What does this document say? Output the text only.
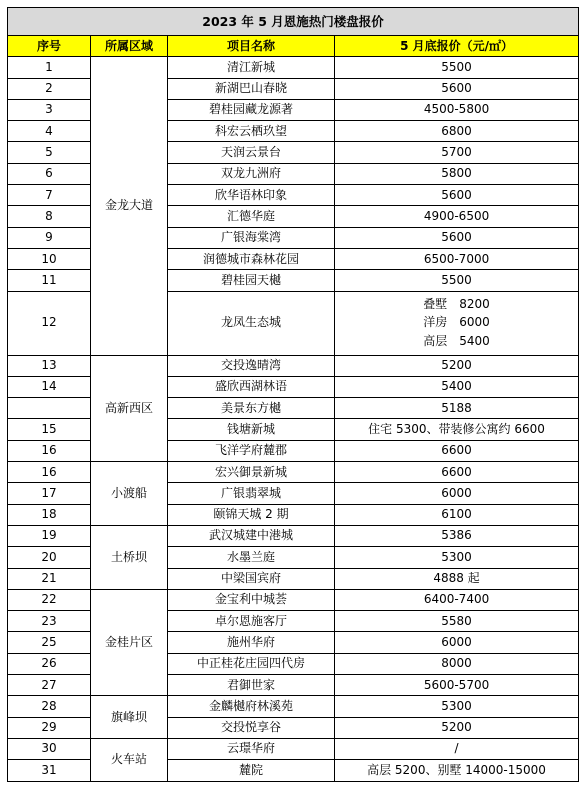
2023 年 5 月恩施热门楼盘报价			
序号	所属区域	项目名称	5 月底报价（元/㎡）
1	金龙大道	清江新城	5500
2		新湖巴山春晓	5600
3		碧桂园藏龙源著	4500-5800
4		科宏云栖玖望	6800
5		天润云景台	5700
6		双龙九洲府	5800
7		欣华语林印象	5600
8		汇德华庭	4900-6500
9		广银海棠湾	5600
10		润德城市森林花园	6500-7000
11		碧桂园天樾	5500
12		龙凤生态城	叠墅　8200
洋房　6000
高层　5400

13	高新西区	交投逸晴湾	5200
14		盛欣西湖林语	5400
		美景东方樾	5188
15		钱塘新城	住宅 5300、带装修公寓约 6600
16		飞洋学府麓郡	6600
16	小渡船	宏兴御景新城	6600
17		广银翡翠城	6000
18		颐锦天城 2 期	6100
19	土桥坝	武汉城建中港城	5386
20		水墨兰庭	5300
21		中梁国宾府	4888 起
22	金桂片区	金宝利中城荟	6400-7400
23		卓尔恩施客厅	5580
25		施州华府	6000
26		中正桂花庄园四代房	8000
27		君御世家	5600-5700
28	旗峰坝	金麟樾府林溪苑	5300
29		交投悦享谷	5200
30	火车站	云璟华府	/
31		麓院	高层 5200、别墅 14000-15000
